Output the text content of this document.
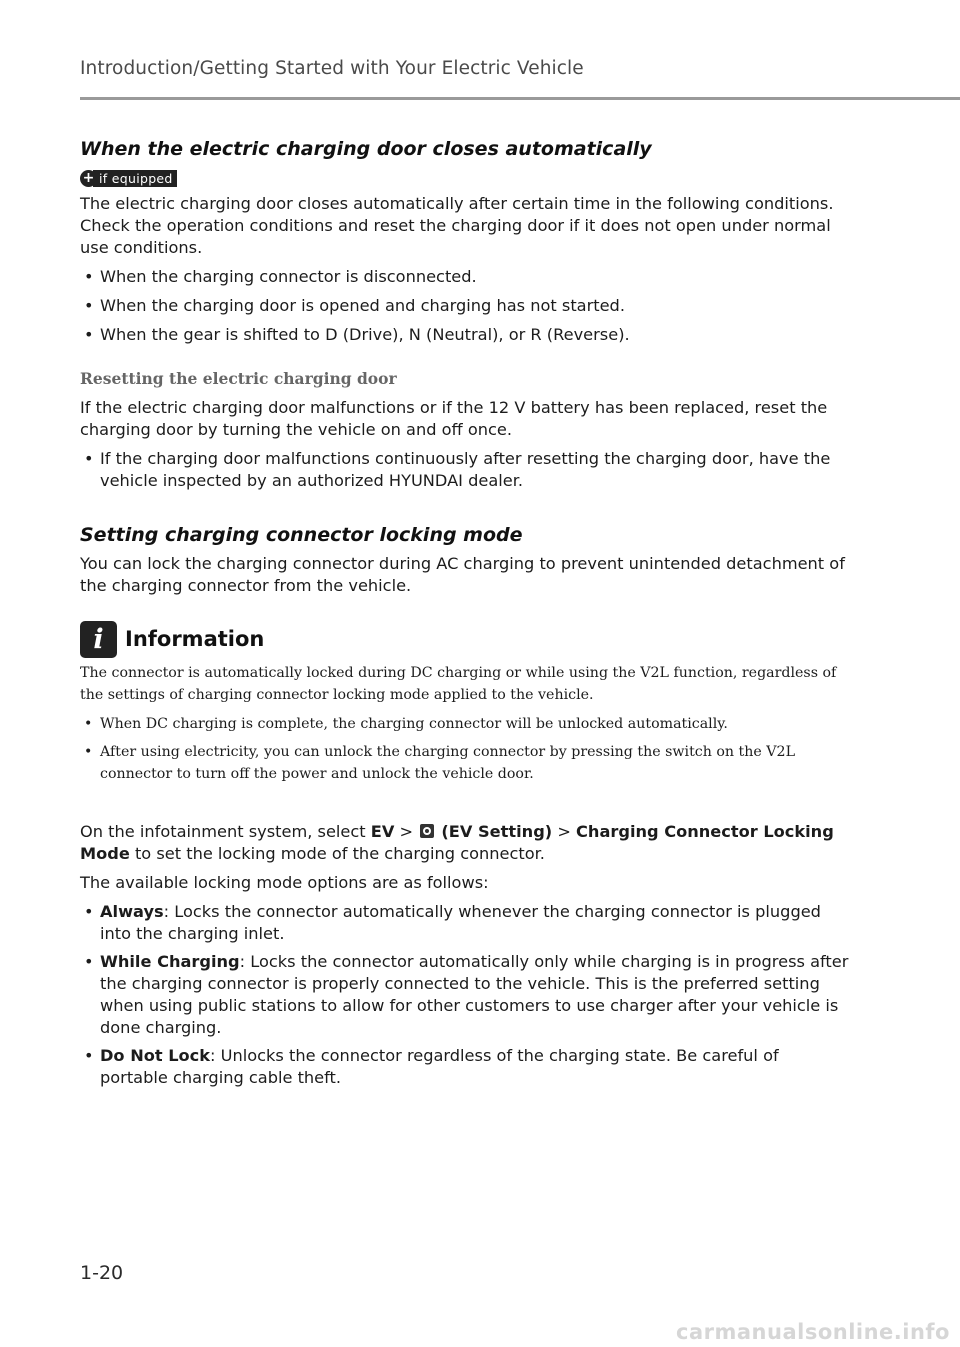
Introduction/Getting Started with Your Electric Vehicle
When the electric charging door closes automatically
+ if equipped
The electric charging door closes automatically after certain time in the following conditions. Check the operation conditions and reset the charging door if it does not open under normal use conditions.
• When the charging connector is disconnected.
• When the charging door is opened and charging has not started.
• When the gear is shifted to D (Drive), N (Neutral), or R (Reverse).
Resetting the electric charging door
If the electric charging door malfunctions or if the 12 V battery has been replaced, reset the charging door by turning the vehicle on and off once.
• If the charging door malfunctions continuously after resetting the charging door, have the vehicle inspected by an authorized HYUNDAI dealer.
Setting charging connector locking mode
You can lock the charging connector during AC charging to prevent unintended detachment of the charging connector from the vehicle.
i	Information
The connector is automatically locked during DC charging or while using the V2L function, regardless of the settings of charging connector locking mode applied to the vehicle.
• When DC charging is complete, the charging connector will be unlocked automatically.
• After using electricity, you can unlock the charging connector by pressing the switch on the V2L connector to turn off the power and unlock the vehicle door.
On the infotainment system, select EV >  (EV Setting) > Charging Connector Locking Mode to set the locking mode of the charging connector.
The available locking mode options are as follows:
• Always: Locks the connector automatically whenever the charging connector is plugged into the charging inlet.
• While Charging: Locks the connector automatically only while charging is in progress after the charging connector is properly connected to the vehicle. This is the preferred setting when using public stations to allow for other customers to use charger after your vehicle is done charging.
• Do Not Lock: Unlocks the connector regardless of the charging state. Be careful of portable charging cable theft.
1-20
carmanualsonline.info
